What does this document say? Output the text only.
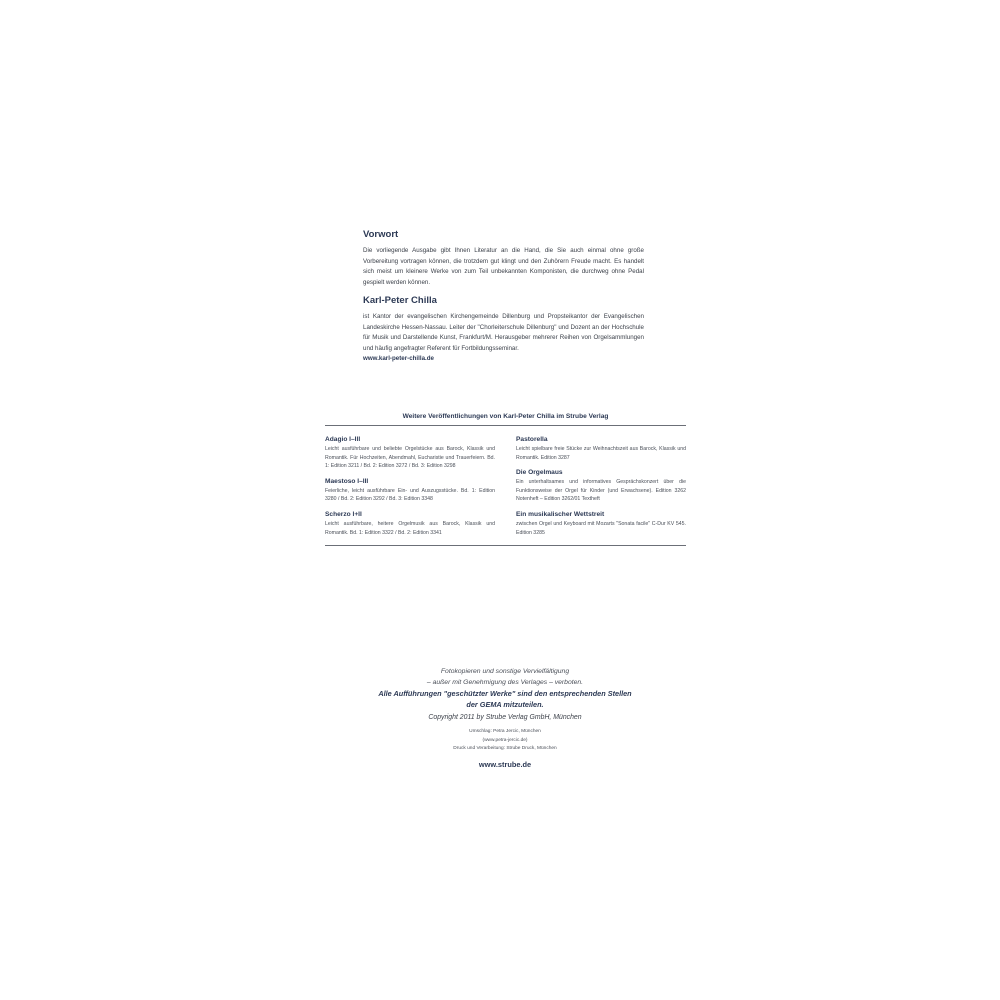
Vorwort

Die vorliegende Ausgabe gibt Ihnen Literatur an die Hand, die Sie auch einmal ohne große Vorbereitung vortragen können, die trotzdem gut klingt und den Zuhörern Freude macht. Es handelt sich meist um kleinere Werke von zum Teil unbekannten Komponisten, die durchweg ohne Pedal gespielt werden können.

Karl-Peter Chilla

ist Kantor der evangelischen Kirchengemeinde Dillenburg und Propsteikantor der Evangelischen Landeskirche Hessen-Nassau. Leiter der "Chorleiterschule Dillenburg" und Dozent an der Hochschule für Musik und Darstellende Kunst, Frankfurt/M. Herausgeber mehrerer Reihen von Orgelsammlungen und häufig angefragter Referent für Fortbildungsseminar.

www.karl-peter-chilla.de
Weitere Veröffentlichungen von Karl-Peter Chilla im Strube Verlag
Adagio I–III

Leicht ausführbare und beliebte Orgelstücke aus Barock, Klassik und Romantik. Für Hochzeiten, Abendmahl, Eucharistie und Trauerfeiern. Bd. 1: Edition 3211 / Bd. 2: Edition 3272 / Bd. 3: Edition 3298

Maestoso I–III

Feierliche, leicht ausführbare Ein- und Auszugsstücke. Bd. 1: Edition 3280 / Bd. 2: Edition 3292 / Bd. 3: Edition 3348

Scherzo I+II

Leicht ausführbare, heitere Orgelmusik aus Barock, Klassik und Romantik. Bd. 1: Edition 3322 / Bd. 2: Edition 3341

Pastorella

Leicht spielbare freie Stücke zur Weihnachtszeit aus Barock, Klassik und Romantik. Edition 3287

Die Orgelmaus

Ein unterhaltsames und informatives Gesprächskonzert über die Funktionsweise der Orgel für Kinder (und Erwachsene). Edition 3262 Notenheft – Edition 3262/01 Textheft

Ein musikalischer Wettstreit

zwischen Orgel und Keyboard mit Mozarts "Sonata facile" C-Dur KV 545. Edition 3285

Fotokopieren und sonstige Vervielfältigung
– außer mit Genehmigung des Verlages – verboten.
Alle Aufführungen "geschützter Werke" sind den entsprechenden Stellen
der GEMA mitzuteilen.
Copyright 2011 by Strube Verlag GmbH, München
Umschlag: Petra Jercic, München
(www.petra-jercic.de)
Druck und Verarbeitung: Strube Druck, München
www.strube.de
